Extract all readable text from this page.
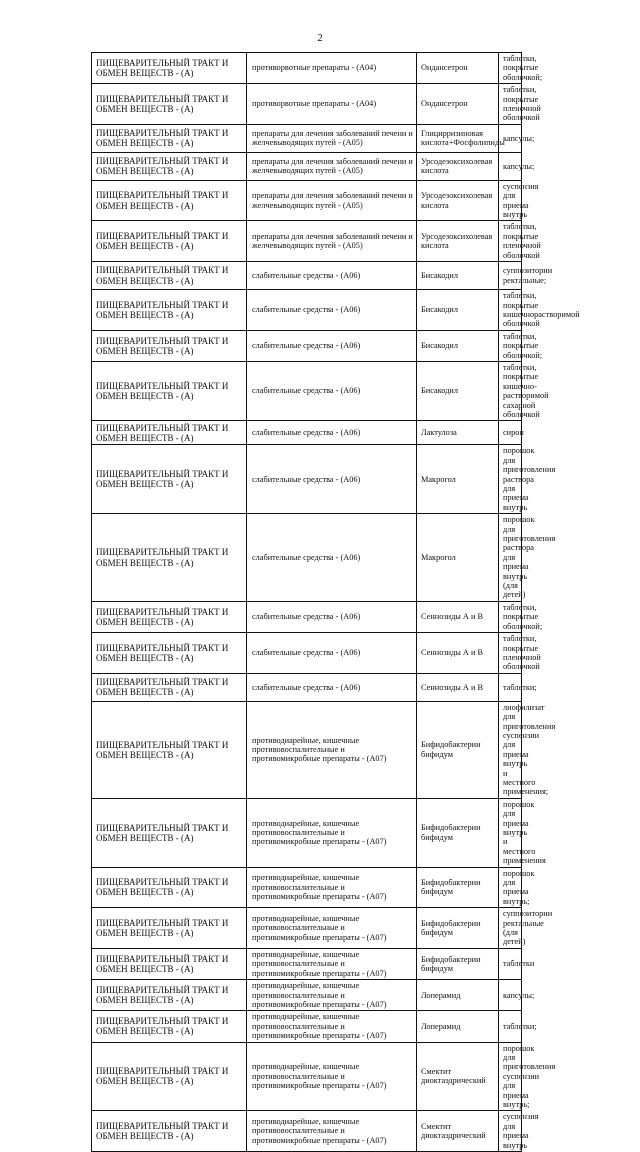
2
ПИЩЕВАРИТЕЛЬНЫЙ ТРАКТ И ОБМЕН ВЕЩЕСТВ - (А)	противорвотные препараты - (А04)	Ондансетрон	таблетки, покрытые оболочкой;
ПИЩЕВАРИТЕЛЬНЫЙ ТРАКТ И ОБМЕН ВЕЩЕСТВ - (А)	противорвотные препараты - (А04)	Ондансетрон	таблетки, покрытые пленочной оболочкой
ПИЩЕВАРИТЕЛЬНЫЙ ТРАКТ И ОБМЕН ВЕЩЕСТВ - (А)	препараты для лечения заболеваний печени и желчевыводящих путей - (А05)	Глицирризиновая кислота+Фосфолипиды	капсулы;
ПИЩЕВАРИТЕЛЬНЫЙ ТРАКТ И ОБМЕН ВЕЩЕСТВ - (А)	препараты для лечения заболеваний печени и желчевыводящих путей - (А05)	Урсодезоксихолевая кислота	капсулы;
ПИЩЕВАРИТЕЛЬНЫЙ ТРАКТ И ОБМЕН ВЕЩЕСТВ - (А)	препараты для лечения заболеваний печени и желчевыводящих путей - (А05)	Урсодезоксихолевая кислота	суспензия для приема внутрь
ПИЩЕВАРИТЕЛЬНЫЙ ТРАКТ И ОБМЕН ВЕЩЕСТВ - (А)	препараты для лечения заболеваний печени и желчевыводящих путей - (А05)	Урсодезоксихолевая кислота	таблетки, покрытые пленочной оболочкой
ПИЩЕВАРИТЕЛЬНЫЙ ТРАКТ И ОБМЕН ВЕЩЕСТВ - (А)	слабительные средства - (А06)	Бисакодил	суппозитории ректальные;
ПИЩЕВАРИТЕЛЬНЫЙ ТРАКТ И ОБМЕН ВЕЩЕСТВ - (А)	слабительные средства - (А06)	Бисакодил	таблетки, покрытые кишечнорастворимой оболочкой
ПИЩЕВАРИТЕЛЬНЫЙ ТРАКТ И ОБМЕН ВЕЩЕСТВ - (А)	слабительные средства - (А06)	Бисакодил	таблетки, покрытые оболочкой;
ПИЩЕВАРИТЕЛЬНЫЙ ТРАКТ И ОБМЕН ВЕЩЕСТВ - (А)	слабительные средства - (А06)	Бисакодил	таблетки, покрытые кишечно-растворимой сахарной оболочкой
ПИЩЕВАРИТЕЛЬНЫЙ ТРАКТ И ОБМЕН ВЕЩЕСТВ - (А)	слабительные средства - (А06)	Лактулоза	сироп
ПИЩЕВАРИТЕЛЬНЫЙ ТРАКТ И ОБМЕН ВЕЩЕСТВ - (А)	слабительные средства - (А06)	Макрогол	порошок для приготовления раствора для приема внутрь
ПИЩЕВАРИТЕЛЬНЫЙ ТРАКТ И ОБМЕН ВЕЩЕСТВ - (А)	слабительные средства - (А06)	Макрогол	порошок для приготовления раствора для приема внутрь (для детей)
ПИЩЕВАРИТЕЛЬНЫЙ ТРАКТ И ОБМЕН ВЕЩЕСТВ - (А)	слабительные средства - (А06)	Сеннозиды А и В	таблетки, покрытые оболочкой;
ПИЩЕВАРИТЕЛЬНЫЙ ТРАКТ И ОБМЕН ВЕЩЕСТВ - (А)	слабительные средства - (А06)	Сеннозиды А и В	таблетки, покрытые пленочной оболочкой
ПИЩЕВАРИТЕЛЬНЫЙ ТРАКТ И ОБМЕН ВЕЩЕСТВ - (А)	слабительные средства - (А06)	Сеннозиды А и В	таблетки;
ПИЩЕВАРИТЕЛЬНЫЙ ТРАКТ И ОБМЕН ВЕЩЕСТВ - (А)	противодиарейные, кишечные противовоспалительные и противомикробные препараты - (А07)	Бифидобактерии бифидум	лиофилизат для приготовления суспензии для приема внутрь и местного применения;
ПИЩЕВАРИТЕЛЬНЫЙ ТРАКТ И ОБМЕН ВЕЩЕСТВ - (А)	противодиарейные, кишечные противовоспалительные и противомикробные препараты - (А07)	Бифидобактерии бифидум	порошок для приема внутрь и местного применения
ПИЩЕВАРИТЕЛЬНЫЙ ТРАКТ И ОБМЕН ВЕЩЕСТВ - (А)	противодиарейные, кишечные противовоспалительные и противомикробные препараты - (А07)	Бифидобактерии бифидум	порошок для приема внутрь;
ПИЩЕВАРИТЕЛЬНЫЙ ТРАКТ И ОБМЕН ВЕЩЕСТВ - (А)	противодиарейные, кишечные противовоспалительные и противомикробные препараты - (А07)	Бифидобактерии бифидум	суппозитории ректальные (для детей)
ПИЩЕВАРИТЕЛЬНЫЙ ТРАКТ И ОБМЕН ВЕЩЕСТВ - (А)	противодиарейные, кишечные противовоспалительные и противомикробные препараты - (А07)	Бифидобактерии бифидум	таблетки
ПИЩЕВАРИТЕЛЬНЫЙ ТРАКТ И ОБМЕН ВЕЩЕСТВ - (А)	противодиарейные, кишечные противовоспалительные и противомикробные препараты - (А07)	Лоперамид	капсулы;
ПИЩЕВАРИТЕЛЬНЫЙ ТРАКТ И ОБМЕН ВЕЩЕСТВ - (А)	противодиарейные, кишечные противовоспалительные и противомикробные препараты - (А07)	Лоперамид	таблетки;
ПИЩЕВАРИТЕЛЬНЫЙ ТРАКТ И ОБМЕН ВЕЩЕСТВ - (А)	противодиарейные, кишечные противовоспалительные и противомикробные препараты - (А07)	Смектит диоктаэдрический	порошок для приготовления суспензии для приема внутрь;
ПИЩЕВАРИТЕЛЬНЫЙ ТРАКТ И ОБМЕН ВЕЩЕСТВ - (А)	противодиарейные, кишечные противовоспалительные и противомикробные препараты - (А07)	Смектит диоктаэдрический	суспензия для приема внутрь
